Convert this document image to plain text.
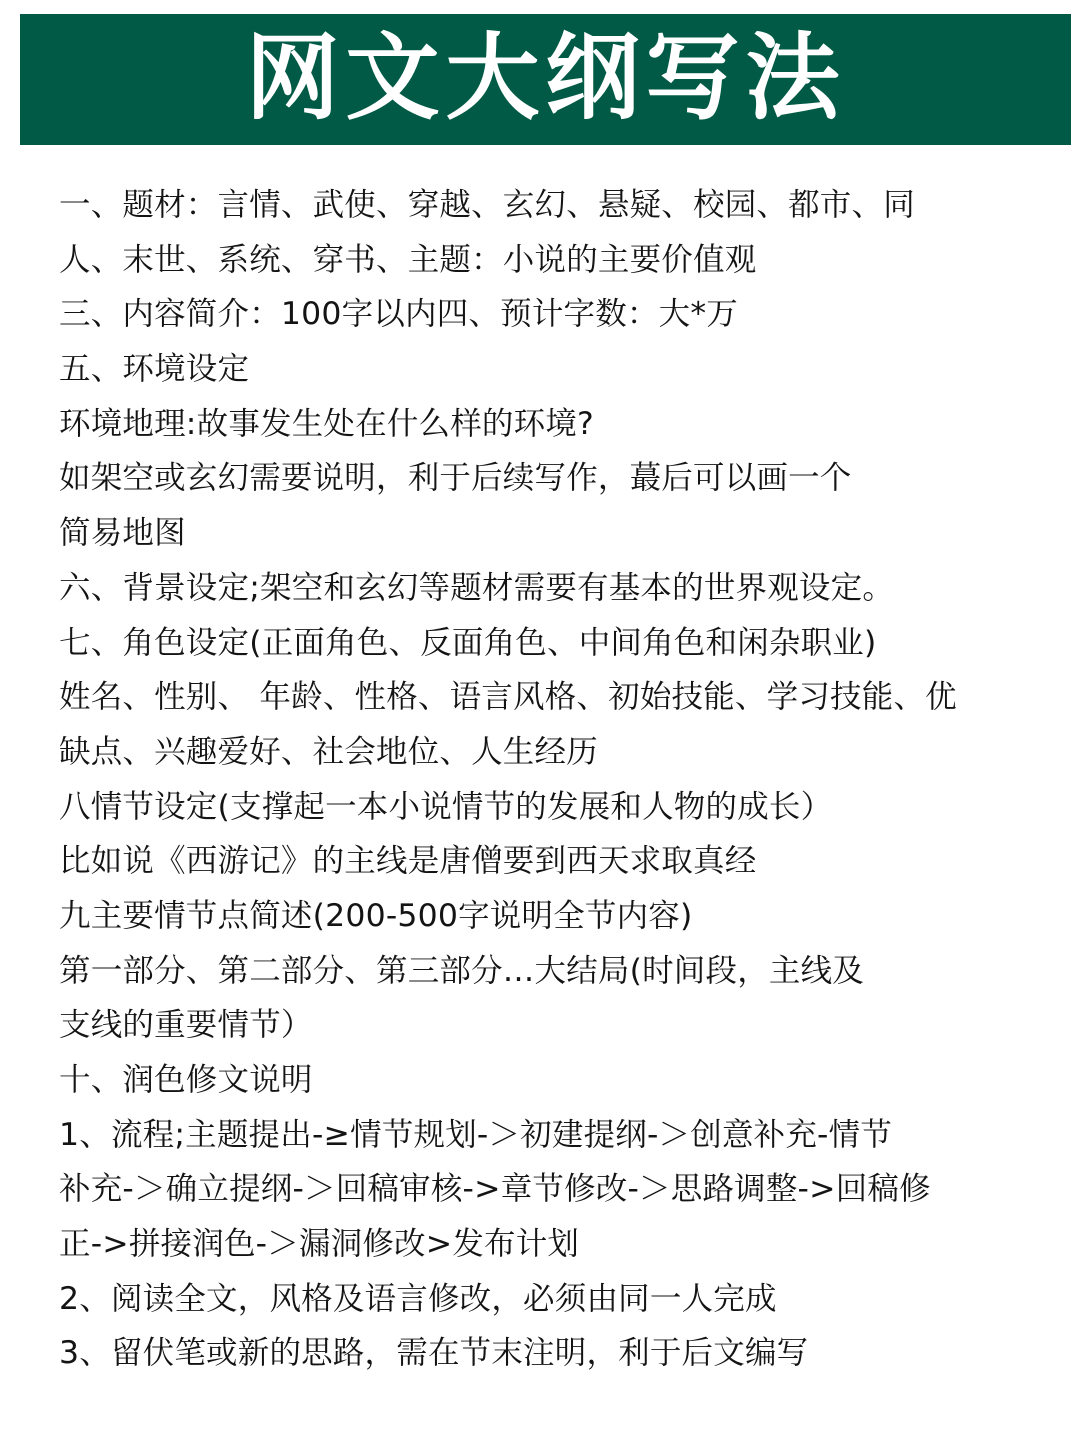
网文大纲写法
一、题材：言情、武使、穿越、玄幻、悬疑、校园、都市、同
人、末世、系统、穿书、主题：小说的主要价值观
三、内容简介：100字以内四、预计字数：大*万
五、环境设定
环境地理:故事发生处在什么样的环境?
如架空或玄幻需要说明，利于后续写作，蕞后可以画一个
简易地图
六、背景设定;架空和玄幻等题材需要有基本的世界观设定。
七、角色设定(正面角色、反面角色、中间角色和闲杂职业)
姓名、性别、 年龄、性格、语言风格、初始技能、学习技能、优
缺点、兴趣爱好、社会地位、人生经历
八情节设定(支撑起一本小说情节的发展和人物的成长）
比如说《西游记》的主线是唐僧要到西天求取真经
九主要情节点简述(200-500字说明全节内容)
第一部分、第二部分、第三部分…大结局(时间段，主线及
支线的重要情节）
十、润色修文说明
1、流程;主题提出-≥情节规划-＞初建提纲-＞创意补充-情节
补充-＞确立提纲-＞回稿审核->章节修改-＞思路调整->回稿修
正->拼接润色-＞漏洞修改>发布计划
2、阅读全文，风格及语言修改，必须由同一人完成
3、留伏笔或新的思路，需在节末注明，利于后文编写
